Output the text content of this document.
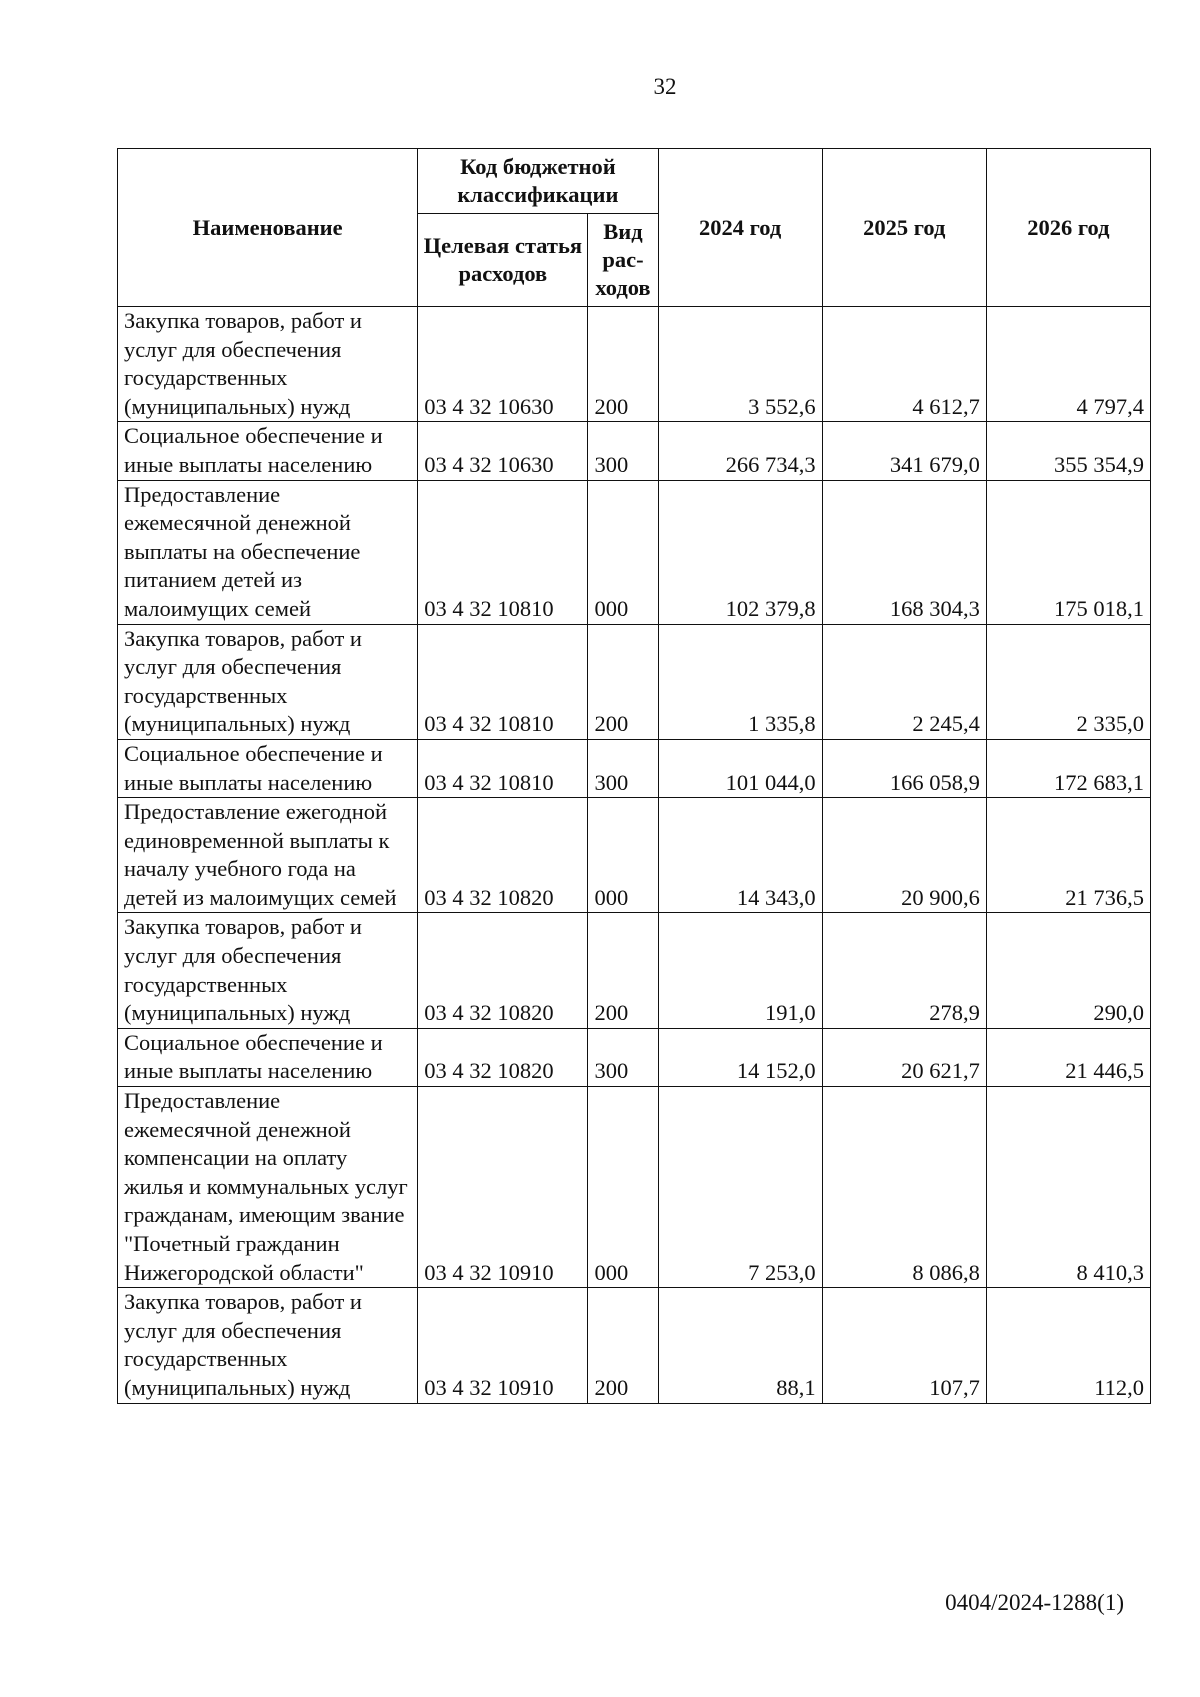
32
Наименование	Код бюджетной классификации		2024 год	2025 год	2026 год
	Целевая статья расходов	Вид рас- ходов			
Закупка товаров, работ и услуг для обеспечения государственных (муниципальных) нужд	03 4 32 10630	200	3 552,6	4 612,7	4 797,4
Социальное обеспечение и иные выплаты населению	03 4 32 10630	300	266 734,3	341 679,0	355 354,9
Предоставление ежемесячной денежной выплаты на обеспечение питанием детей из малоимущих семей	03 4 32 10810	000	102 379,8	168 304,3	175 018,1
Закупка товаров, работ и услуг для обеспечения государственных (муниципальных) нужд	03 4 32 10810	200	1 335,8	2 245,4	2 335,0
Социальное обеспечение и иные выплаты населению	03 4 32 10810	300	101 044,0	166 058,9	172 683,1
Предоставление ежегодной единовременной выплаты к началу учебного года на детей из малоимущих семей	03 4 32 10820	000	14 343,0	20 900,6	21 736,5
Закупка товаров, работ и услуг для обеспечения государственных (муниципальных) нужд	03 4 32 10820	200	191,0	278,9	290,0
Социальное обеспечение и иные выплаты населению	03 4 32 10820	300	14 152,0	20 621,7	21 446,5
Предоставление ежемесячной денежной компенсации на оплату жилья и коммунальных услуг гражданам, имеющим звание "Почетный гражданин Нижегородской области"	03 4 32 10910	000	7 253,0	8 086,8	8 410,3
Закупка товаров, работ и услуг для обеспечения государственных (муниципальных) нужд	03 4 32 10910	200	88,1	107,7	112,0
0404/2024-1288(1)
